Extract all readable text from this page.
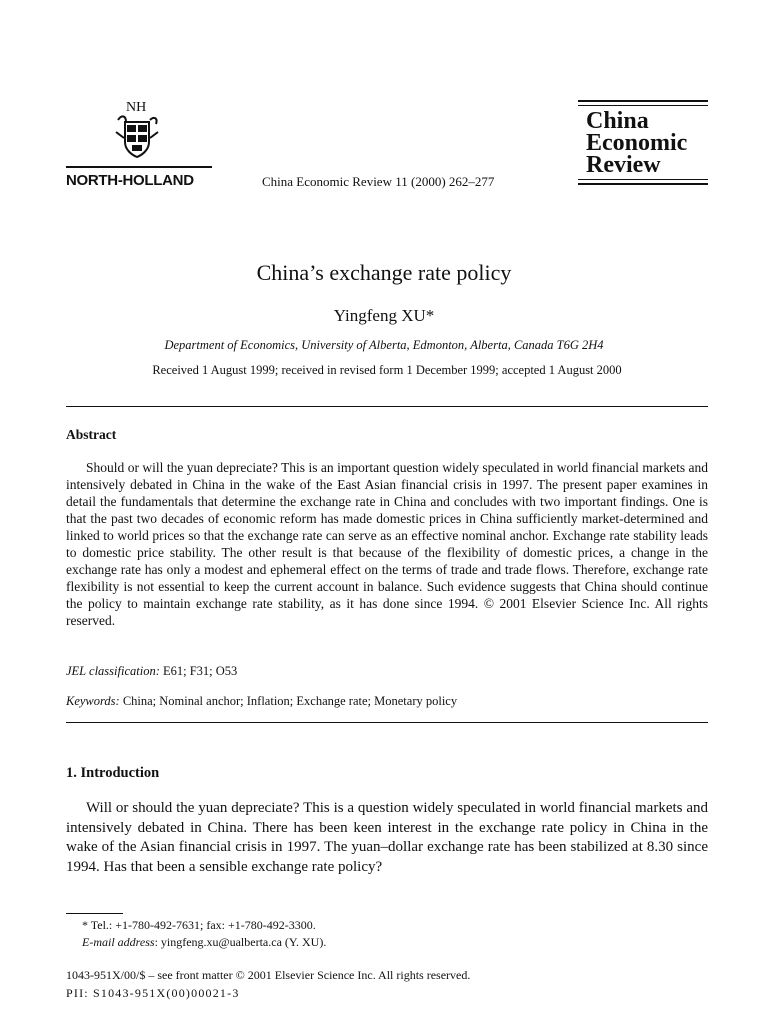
NH
NORTH-HOLLAND	China Economic Review 11 (2000) 262–277
China
Economic
Review
China’s exchange rate policy
Yingfeng XU*
Department of Economics, University of Alberta, Edmonton, Alberta, Canada T6G 2H4
Received 1 August 1999; received in revised form 1 December 1999; accepted 1 August 2000
Abstract
Should or will the yuan depreciate? This is an important question widely speculated in world financial markets and intensively debated in China in the wake of the East Asian financial crisis in 1997. The present paper examines in detail the fundamentals that determine the exchange rate in China and concludes with two important findings. One is that the past two decades of economic reform has made domestic prices in China sufficiently market-determined and linked to world prices so that the exchange rate can serve as an effective nominal anchor. Exchange rate stability leads to domestic price stability. The other result is that because of the flexibility of domestic prices, a change in the exchange rate has only a modest and ephemeral effect on the terms of trade and trade flows. Therefore, exchange rate flexibility is not essential to keep the current account in balance. Such evidence suggests that China should continue the policy to maintain exchange rate stability, as it has done since 1994. © 2001 Elsevier Science Inc. All rights reserved.
JEL classification: E61; F31; O53
Keywords: China; Nominal anchor; Inflation; Exchange rate; Monetary policy
1. Introduction
Will or should the yuan depreciate? This is a question widely speculated in world financial markets and intensively debated in China. There has been keen interest in the exchange rate policy in China in the wake of the Asian financial crisis in 1997. The yuan–dollar exchange rate has been stabilized at 8.30 since 1994. Has that been a sensible exchange rate policy?
* Tel.: +1-780-492-7631; fax: +1-780-492-3300.
E-mail address: yingfeng.xu@ualberta.ca (Y. XU).
1043-951X/00/$ – see front matter © 2001 Elsevier Science Inc. All rights reserved.
PII: S1043-951X(00)00021-3
